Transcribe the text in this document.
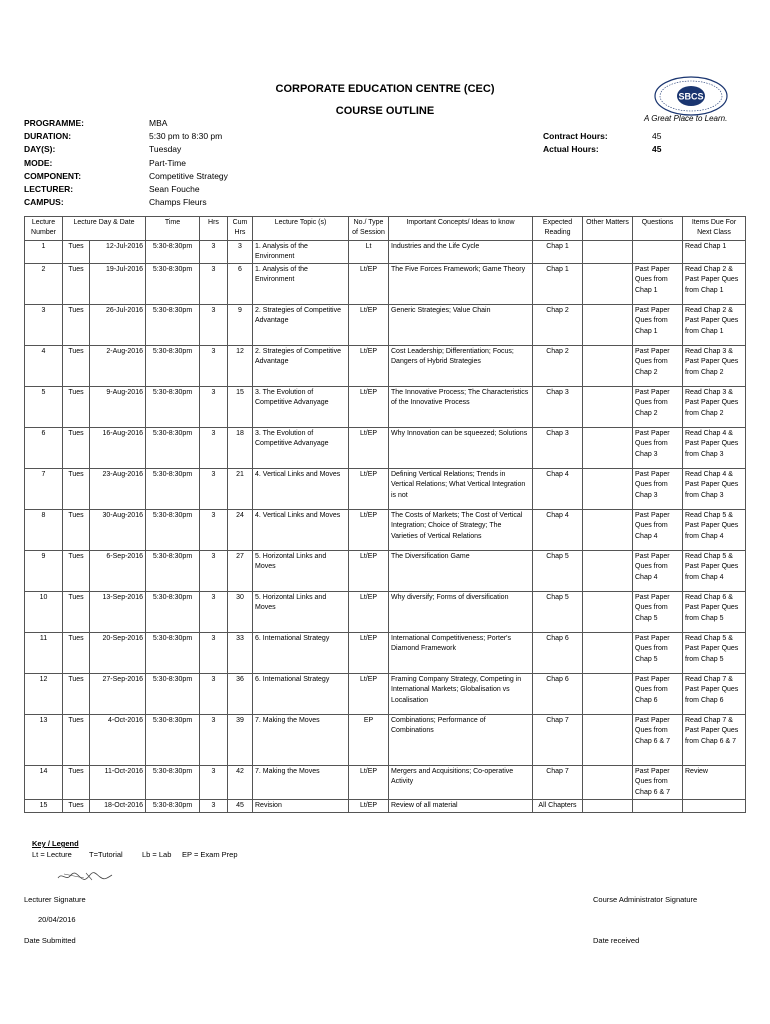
CORPORATE EDUCATION CENTRE (CEC)
COURSE OUTLINE
SBCS
A Great Place to Learn.
PROGRAMME:	MBA
DURATION:	5:30 pm to 8:30 pm
DAY(S):	Tuesday
MODE:	Part-Time
COMPONENT:	Competitive Strategy
LECTURER:	Sean Fouche
CAMPUS:	Champs Fleurs
Contract Hours:	45
Actual Hours:	45
Lecture Number	Lecture Day & Date		Time	Hrs	Cum Hrs	Lecture Topic (s)	No./ Type of Session	Important Concepts/ Ideas to know	Expected Reading	Other Matters	Questions	Items Due For Next Class
1	Tues	12-Jul-2016	5:30-8:30pm	3	3	1. Analysis of the Environment	Lt	Industries and the Life Cycle	Chap 1			Read Chap 1
2	Tues	19-Jul-2016	5:30-8:30pm	3	6	1. Analysis of the Environment	Lt/EP	The Five Forces Framework; Game Theory	Chap 1		Past Paper Ques from Chap 1	Read Chap 2 & Past Paper Ques from Chap 1
3	Tues	26-Jul-2016	5:30-8:30pm	3	9	2. Strategies of Competitive Advantage	Lt/EP	Generic Strategies; Value Chain	Chap 2		Past Paper Ques from Chap 1	Read Chap 2 & Past Paper Ques from Chap 1
4	Tues	2-Aug-2016	5:30-8:30pm	3	12	2. Strategies of Competitive Advantage	Lt/EP	Cost Leadership; Differentiation; Focus; Dangers of Hybrid Strategies	Chap 2		Past Paper Ques from Chap 2	Read Chap 3 & Past Paper Ques from Chap 2
5	Tues	9-Aug-2016	5:30-8:30pm	3	15	3. The Evolution of Competitive Advanyage	Lt/EP	The Innovative Process; The Characteristics of the Innovative Process	Chap 3		Past Paper Ques from Chap 2	Read Chap 3 & Past Paper Ques from Chap 2
6	Tues	16-Aug-2016	5:30-8:30pm	3	18	3. The Evolution of Competitive Advanyage	Lt/EP	Why Innovation can be squeezed; Solutions	Chap 3		Past Paper Ques from Chap 3	Read Chap 4 & Past Paper Ques from Chap 3
7	Tues	23-Aug-2016	5:30-8:30pm	3	21	4. Vertical Links and Moves	Lt/EP	Defining Vertical Relations; Trends in Vertical Relations; What Vertical Integration is not	Chap 4		Past Paper Ques from Chap 3	Read Chap 4 & Past Paper Ques from Chap 3
8	Tues	30-Aug-2016	5:30-8:30pm	3	24	4. Vertical Links and Moves	Lt/EP	The Costs of Markets; The Cost of Vertical Integration; Choice of Strategy; The Varieties of Vertical Relations	Chap 4		Past Paper Ques from Chap 4	Read Chap 5 & Past Paper Ques from Chap 4
9	Tues	6-Sep-2016	5:30-8:30pm	3	27	5. Horizontal Links and Moves	Lt/EP	The Diversification Game	Chap 5		Past Paper Ques from Chap 4	Read Chap 5 & Past Paper Ques from Chap 4
10	Tues	13-Sep-2016	5:30-8:30pm	3	30	5. Horizontal Links and Moves	Lt/EP	Why diversify; Forms of diversification	Chap 5		Past Paper Ques from Chap 5	Read Chap 6 & Past Paper Ques from Chap 5
11	Tues	20-Sep-2016	5:30-8:30pm	3	33	6. International Strategy	Lt/EP	International Competitiveness; Porter's Diamond Framework	Chap 6		Past Paper Ques from Chap 5	Read Chap 5 & Past Paper Ques from Chap 5
12	Tues	27-Sep-2016	5:30-8:30pm	3	36	6. International Strategy	Lt/EP	Framing Company Strategy, Competing in International Markets; Globalisation vs Localisation	Chap 6		Past Paper Ques from Chap 6	Read Chap 7 & Past Paper Ques from Chap 6
13	Tues	4-Oct-2016	5:30-8:30pm	3	39	7. Making the Moves	EP	Combinations; Performance of Combinations	Chap 7		Past Paper Ques from Chap 6 & 7	Read Chap 7 & Past Paper Ques from Chap 6 & 7
14	Tues	11-Oct-2016	5:30-8:30pm	3	42	7. Making the Moves	Lt/EP	Mergers and Acquisitions; Co-operative Activity	Chap 7		Past Paper Ques from Chap 6 & 7	Review
15	Tues	18-Oct-2016	5:30-8:30pm	3	45	Revision	Lt/EP	Review of all material	All Chapters			
Key / Legend
Lt = Lecture T=Tutorial	Lb = Lab EP = Exam Prep
Lecturer Signature	Course Administrator Signature
20/04/2016
Date Submitted	Date received
